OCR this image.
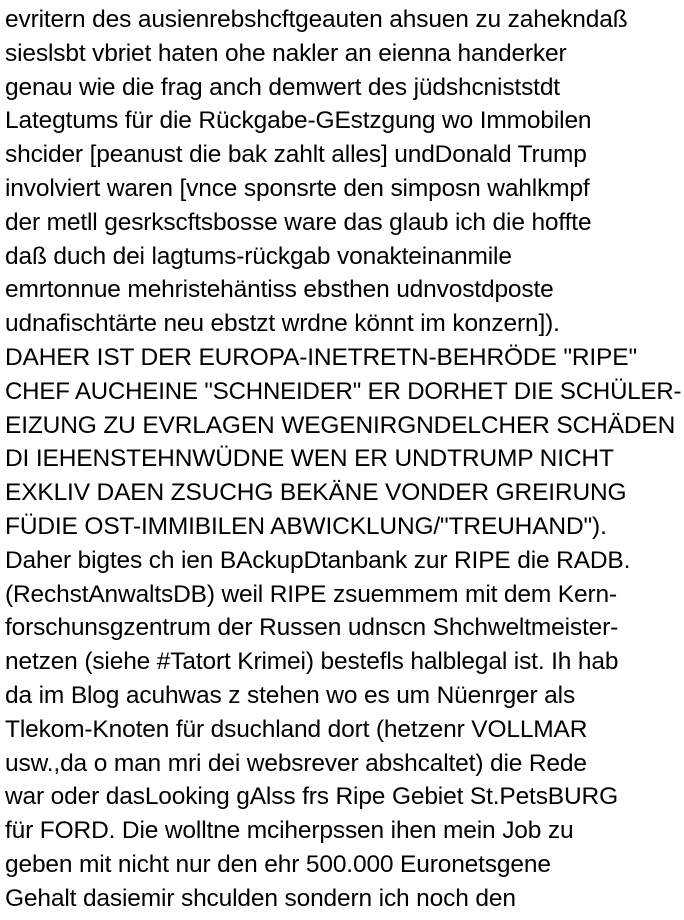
evritern des ausienrebshcftgeauten ahsuen zu zahekndaß
sieslsbt vbriet haten ohe nakler an eienna handerker
genau wie die frag anch demwert des jüdshcniststdt
Lategtums für die Rückgabe-GEstzgung wo Immobilen
shcider [peanust die bak zahlt alles] undDonald Trump
involviert waren [vnce sponsrte den simposn wahlkmpf
der metll gesrkscftsbosse ware das glaub ich die hoffte
daß duch dei lagtums-rückgab vonakteinanmile
emrtonnue mehristehäntiss ebsthen udnvostdposte
udnafischtärte neu ebstzt wrdne könnt im konzern]).
DAHER IST DER EUROPA-INETRETN-BEHRÖDE "RIPE"
CHEF AUCHEINE "SCHNEIDER" ER DORHET DIE SCHÜLER-
EIZUNG ZU EVRLAGEN WEGENIRGNDELCHER SCHÄDEN
DI IEHENSTEHNWÜDNE WEN ER UNDTRUMP NICHT
EXKLIV DAEN ZSUCHG BEKÄNE VONDER GREIRUNG
FÜDIE OST-IMMIBILEN ABWICKLUNG/"TREUHAND").
Daher bigtes ch ien BAckupDtanbank zur RIPE die RADB.
(RechstAnwaltsDB) weil RIPE zsuemmem mit dem Kern-
forschunsgzentrum der Russen udnscn Shchweltmeister-
netzen (siehe #Tatort Krimei) bestefls halblegal ist. Ih hab
da im Blog acuhwas z stehen wo es um Nüenrger als
Tlekom-Knoten für dsuchland dort (hetzenr VOLLMAR
usw.,da o man mri dei websrever abshcaltet) die Rede
war oder dasLooking gAlss frs Ripe Gebiet St.PetsBURG
für FORD. Die wolltne mciherpssen ihen mein Job zu
geben mit nicht nur den ehr 500.000 Euronetsgene
Gehalt dasiemir shculden sondern ich noch den
